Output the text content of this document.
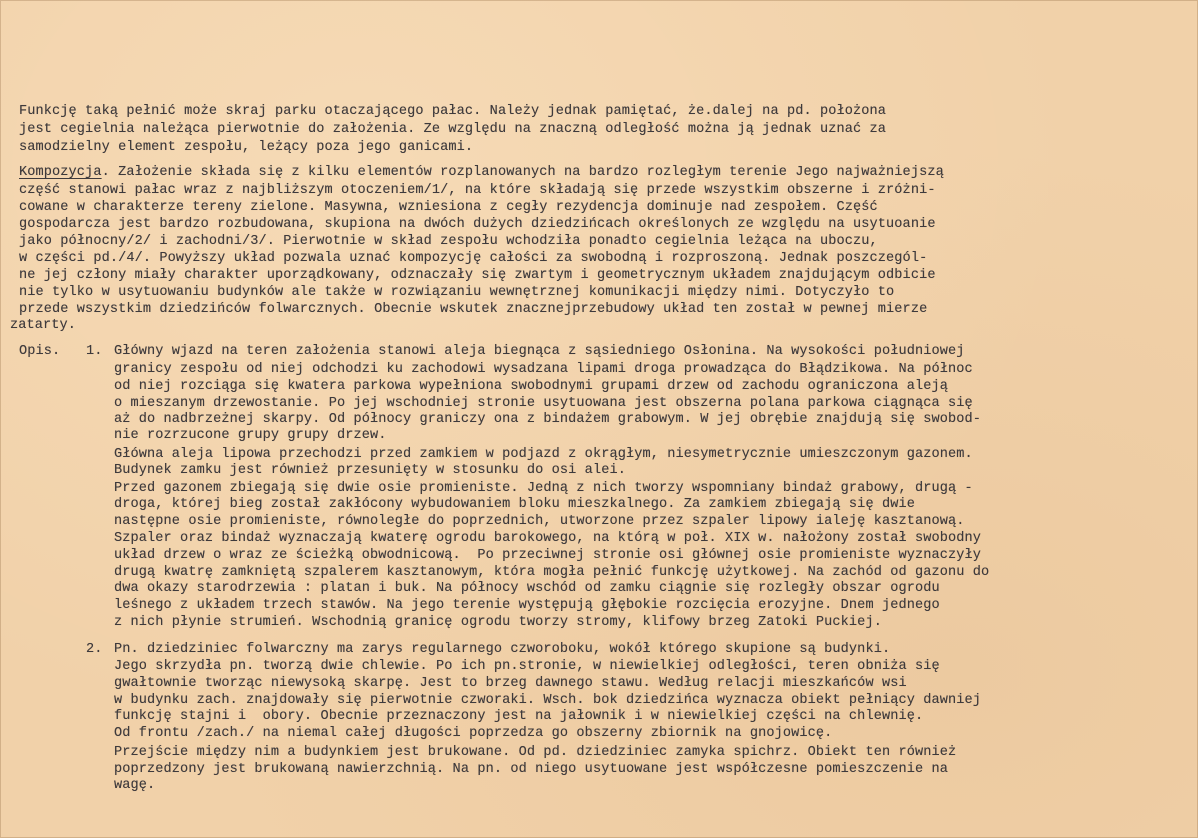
Funkcję taką pełnić może skraj parku otaczającego pałac. Należy jednak pamiętać, że.dalej na pd. położona
jest cegielnia należąca pierwotnie do założenia. Ze względu na znaczną odległość można ją jednak uznać za
samodzielny element zespołu, leżący poza jego ganicami.
Kompozycja. Założenie składa się z kilku elementów rozplanowanych na bardzo rozległym terenie Jego najważniejszą
część stanowi pałac wraz z najbliższym otoczeniem/1/, na które składają się przede wszystkim obszerne i zróżni-
cowane w charakterze tereny zielone. Masywna, wzniesiona z cegły rezydencja dominuje nad zespołem. Część
gospodarcza jest bardzo rozbudowana, skupiona na dwóch dużych dziedzińcach określonych ze względu na usytuoanie
jako północny/2/ i zachodni/3/. Pierwotnie w skład zespołu wchodziła ponadto cegielnia leżąca na uboczu,
w części pd./4/. Powyższy układ pozwala uznać kompozycję całości za swobodną i rozproszoną. Jednak poszczegól-
ne jej człony miały charakter uporządkowany, odznaczały się zwartym i geometrycznym układem znajdującym odbicie
nie tylko w usytuowaniu budynków ale także w rozwiązaniu wewnętrznej komunikacji między nimi. Dotyczyło to
przede wszystkim dziedzińców folwarcznych. Obecnie wskutek znacznejprzebudowy układ ten został w pewnej mierze
zatarty.
Opis. 1. Główny wjazd na teren założenia stanowi aleja biegnąca z sąsiedniego Osłonina. Na wysokości południowej
granicy zespołu od niej odchodzi ku zachodowi wysadzana lipami droga prowadząca do Błądzikowa. Na północ
od niej rozciąga się kwatera parkowa wypełniona swobodnymi grupami drzew od zachodu ograniczona aleją
o mieszanym drzewostanie. Po jej wschodniej stronie usytuowana jest obszerna polana parkowa ciągnąca się
aż do nadbrzeżnej skarpy. Od północy graniczy ona z bindażem grabowym. W jej obrębie znajdują się swobod-
nie rozrzucone grupy grupy drzew.
Główna aleja lipowa przechodzi przed zamkiem w podjazd z okrągłym, niesymetrycznie umieszczonym gazonem.
Budynek zamku jest również przesunięty w stosunku do osi alei.
Przed gazonem zbiegają się dwie osie promieniste. Jedną z nich tworzy wspomniany bindaż grabowy, drugą -
droga, której bieg został zakłócony wybudowaniem bloku mieszkalnego. Za zamkiem zbiegają się dwie
następne osie promieniste, równoległe do poprzednich, utworzone przez szpaler lipowy ialeję kasztanową.
Szpaler oraz bindaż wyznaczają kwaterę ogrodu barokowego, na którą w poł. XIX w. nałożony został swobodny
układ drzew o wraz ze ścieżką obwodnicową.  Po przeciwnej stronie osi głównej osie promieniste wyznaczyły
drugą kwatrę zamkniętą szpalerem kasztanowym, która mogła pełnić funkcję użytkowej. Na zachód od gazonu do
dwa okazy starodrzewia : platan i buk. Na północy wschód od zamku ciągnie się rozległy obszar ogrodu
leśnego z układem trzech stawów. Na jego terenie występują głębokie rozcięcia erozyjne. Dnem jednego
z nich płynie strumień. Wschodnią granicę ogrodu tworzy stromy, klifowy brzeg Zatoki Puckiej.
2. Pn. dziedziniec folwarczny ma zarys regularnego czworoboku, wokół którego skupione są budynki.
Jego skrzydła pn. tworzą dwie chlewie. Po ich pn.stronie, w niewielkiej odległości, teren obniża się
gwałtownie tworząc niewysoką skarpę. Jest to brzeg dawnego stawu. Według relacji mieszkańców wsi
w budynku zach. znajdowały się pierwotnie czworaki. Wsch. bok dziedzińca wyznacza obiekt pełniący dawniej
funkcję stajni i  obory. Obecnie przeznaczony jest na jałownik i w niewielkiej części na chlewnię.
Od frontu /zach./ na niemal całej długości poprzedza go obszerny zbiornik na gnojowicę.
Przejście między nim a budynkiem jest brukowane. Od pd. dziedziniec zamyka spichrz. Obiekt ten również
poprzedzony jest brukowaną nawierzchnią. Na pn. od niego usytuowane jest współczesne pomieszczenie na
wagę.
